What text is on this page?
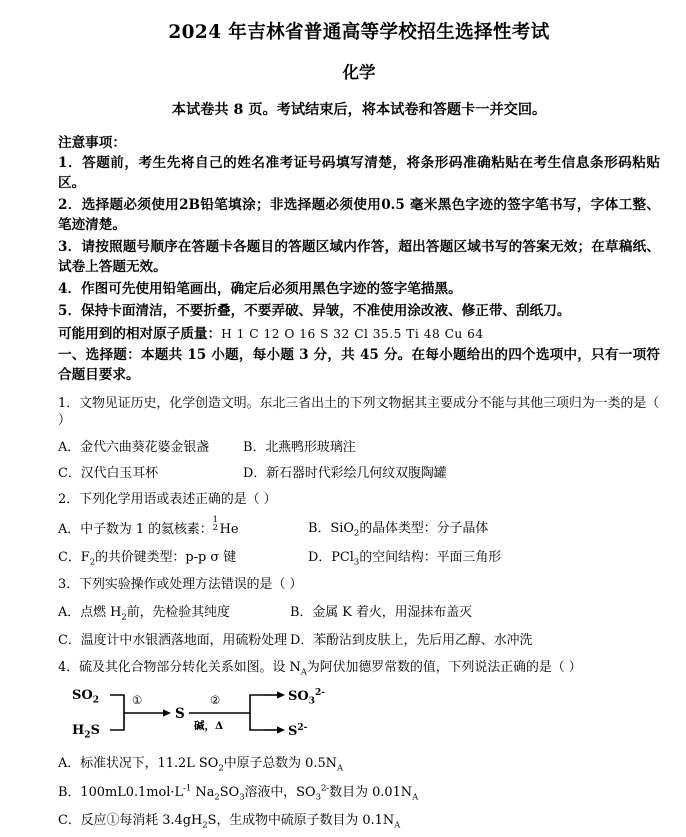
2024 年吉林省普通高等学校招生选择性考试
化学

本试卷共 8 页。考试结束后，将本试卷和答题卡一并交回。

注意事项：

1．答题前，考生先将自己的姓名准考证号码填写清楚，将条形码准确粘贴在考生信息条形码粘贴区。

2．选择题必须使用2B铅笔填涂；非选择题必须使用0.5 毫米黑色字迹的签字笔书写，字体工整、笔迹清楚。

3．请按照题号顺序在答题卡各题目的答题区域内作答，超出答题区域书写的答案无效；在草稿纸、试卷上答题无效。

4．作图可先使用铅笔画出，确定后必须用黑色字迹的签字笔描黑。

5．保持卡面清洁，不要折叠，不要弄破、异皱，不准使用涂改液、修正带、刮纸刀。

可能用到的相对原子质量：H 1 C 12 O 16 S 32 Cl 35.5 Ti 48 Cu 64

一、选择题：本题共 15 小题，每小题 3 分，共 45 分。在每小题给出的四个选项中，只有一项符合题目要求。

1．文物见证历史，化学创造文明。东北三省出土的下列文物据其主要成分不能与其他三项归为一类的是（ ）

A．金代六曲葵花婆金银盏	B．北燕鸭形玻璃注
C．汉代白玉耳杯	D．新石器时代彩绘几何纹双腹陶罐

2．下列化学用语或表述正确的是（ ）

A．中子数为 1 的氦核素：
1
2 He	B．SiO$_2$的晶体类型：分子晶体
C．$F_2$的共价键类型：p-p σ 键	D．PCl$_3$的空间结构：平面三角形

3．下列实验操作或处理方法错误的是（ ）

A．点燃 $H_2$前，先检验其纯度	B．金属 K 着火，用湿抹布盖灭
C．温度计中水银洒落地面，用硫粉处理 D．苯酚沾到皮肤上，先后用乙醇、水冲洗

4．硫及其化合物部分转化关系如图。设 $N_A$为阿伏加德罗常数的值，下列说法正确的是（ ）

$SO_2$
$H_2S$
①
S
②
碱，Δ
$SO_3^{2-}$
$S^{2-}$
A．标准状况下，11.2L $SO_2$中原子总数为 $0.5N_A$
B．$100mL0.1mol\cdot L^{-1}$ $Na_2SO_3$溶液中，$SO_3^{2-}$数目为 $0.01N_A$
C．反应①每消耗 $3.4gH_2S$，生成物中硫原子数目为 $0.1N_A$
